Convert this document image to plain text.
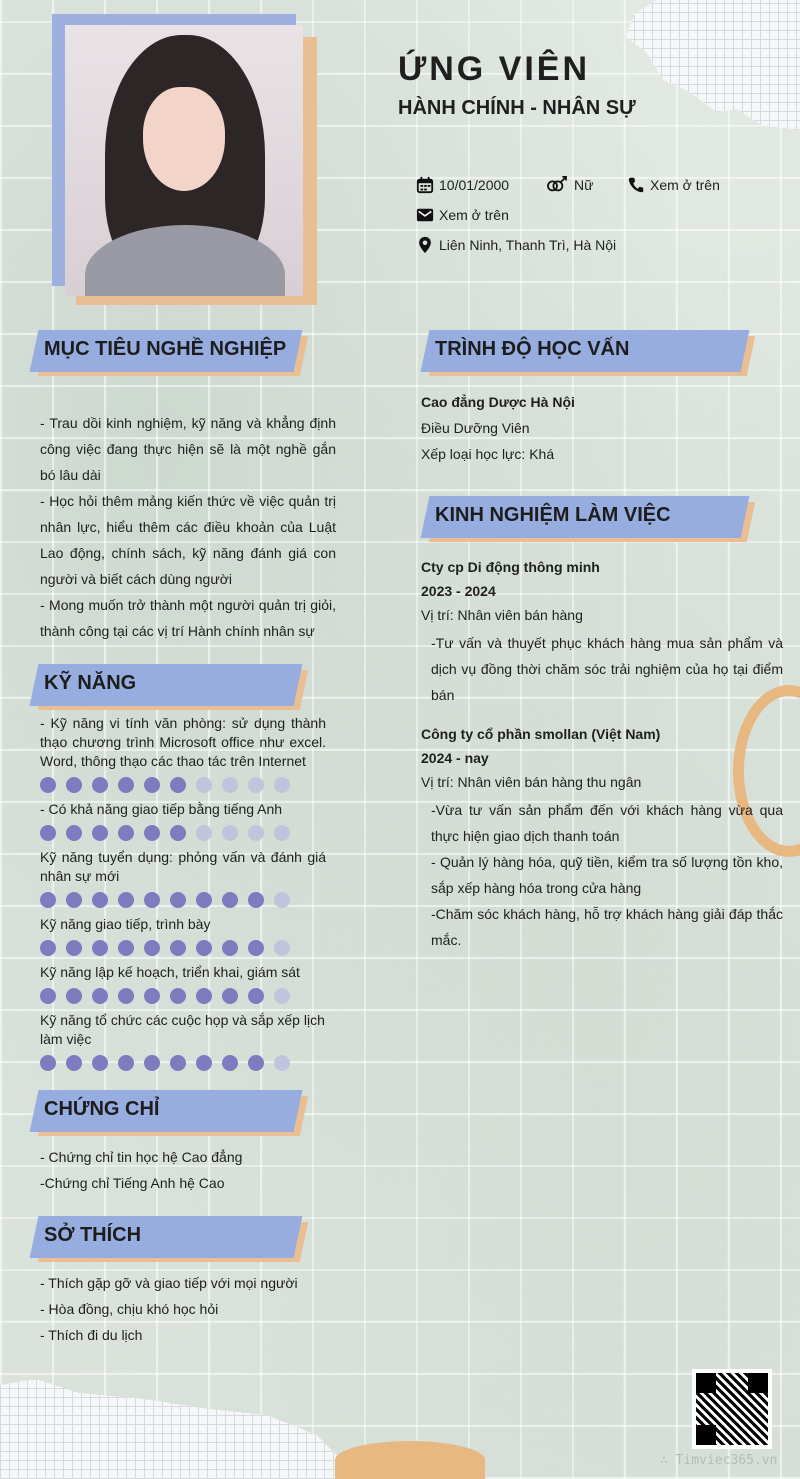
ỨNG VIÊN
HÀNH CHÍNH - NHÂN SỰ
10/01/2000	Nữ	Xem ở trên
Xem ở trên
Liên Ninh, Thanh Trì, Hà Nội
MỤC TIÊU NGHỀ NGHIỆP

- Trau dồi kinh nghiệm, kỹ năng và khẳng định công việc đang thực hiện sẽ là một nghề gắn bó lâu dài

- Học hỏi thêm mảng kiến thức về việc quản trị nhân lực, hiểu thêm các điều khoản của Luật Lao động, chính sách, kỹ năng đánh giá con người và biết cách dùng người

- Mong muốn trở thành một người quản trị giỏi, thành công tại các vị trí Hành chính nhân sự

KỸ NĂNG

- Kỹ năng vi tính văn phòng: sử dụng thành thạo chương trình Microsoft office như excel. Word, thông thạo các thao tác trên Internet

- Có khả năng giao tiếp bằng tiếng Anh

Kỹ năng tuyển dụng: phỏng vấn và đánh giá nhân sự mới

Kỹ năng giao tiếp, trình bày

Kỹ năng lập kế hoạch, triển khai, giám sát

Kỹ năng tổ chức các cuộc họp và sắp xếp lịch làm việc

CHỨNG CHỈ

- Chứng chỉ tin học hệ Cao đẳng

-Chứng chỉ Tiếng Anh hệ Cao

SỞ THÍCH

- Thích gặp gỡ và giao tiếp với mọi người

- Hòa đồng, chịu khó học hỏi

- Thích đi du lịch

TRÌNH ĐỘ HỌC VẤN

Cao đẳng Dược Hà Nội

Điều Dưỡng Viên

Xếp loại học lực: Khá

KINH NGHIỆM LÀM VIỆC

Cty cp Di động thông minh

2023 - 2024

Vị trí: Nhân viên bán hàng

-Tư vấn và thuyết phục khách hàng mua sản phẩm và dịch vụ đồng thời chăm sóc trải nghiệm của họ tại điểm bán

Công ty cổ phần smollan (Việt Nam)

2024 - nay

Vị trí: Nhân viên bán hàng thu ngân

-Vừa tư vấn sản phẩm đến với khách hàng vừa qua thực hiện giao dịch thanh toán

- Quản lý hàng hóa, quỹ tiền, kiểm tra số lượng tồn kho, sắp xếp hàng hóa trong cửa hàng

-Chăm sóc khách hàng, hỗ trợ khách hàng giải đáp thắc mắc.

∴ Timviec365.vn
